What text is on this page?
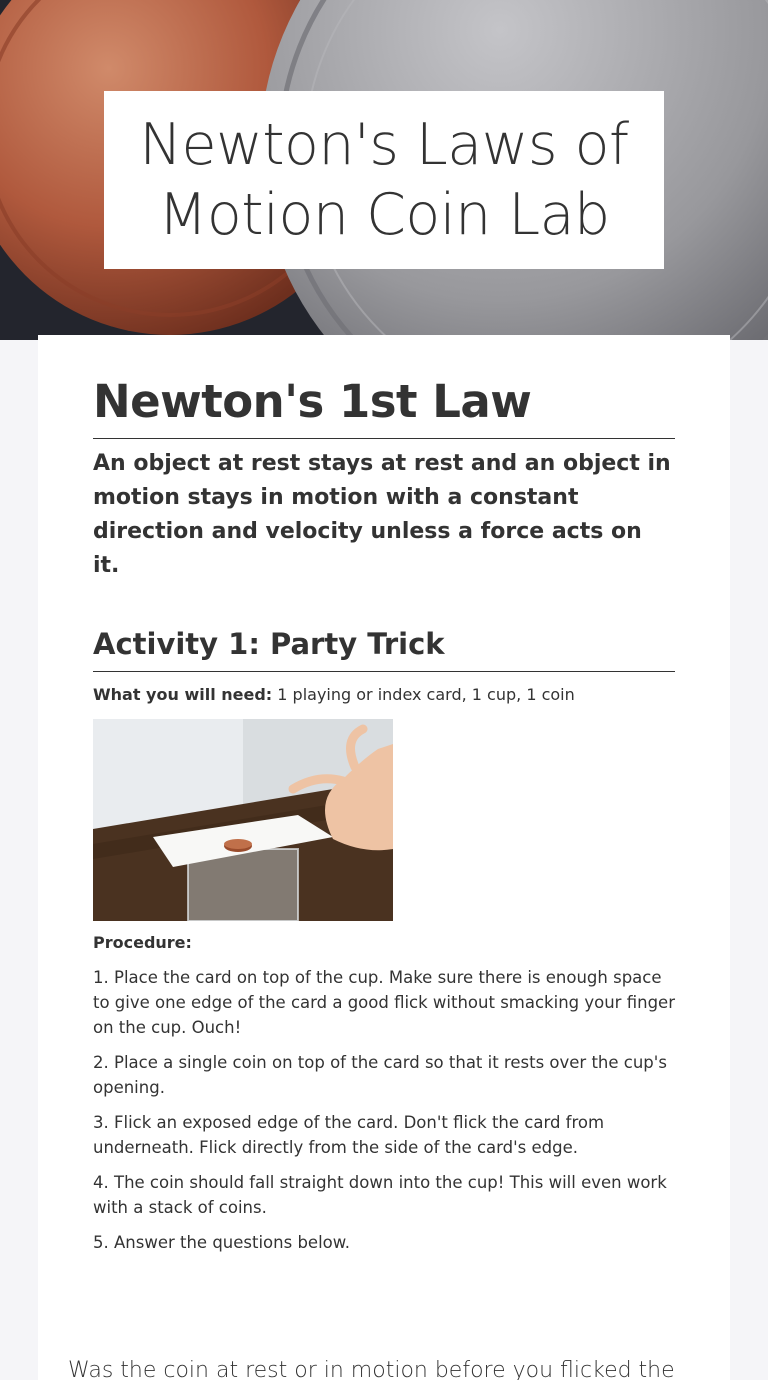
Newton's Laws of
Motion Coin Lab
Newton's 1st Law

An object at rest stays at rest and an object in motion stays in motion with a constant direction and velocity unless a force acts on it.

Activity 1: Party Trick

What you will need: 1 playing or index card, 1 cup, 1 coin

Procedure:

1. Place the card on top of the cup. Make sure there is enough space to give one edge of the card a good flick without smacking your finger on the cup. Ouch!

2. Place a single coin on top of the card so that it rests over the cup's opening.

3. Flick an exposed edge of the card. Don't flick the card from underneath. Flick directly from the side of the card's edge.

4. The coin should fall straight down into the cup! This will even work with a stack of coins.

5. Answer the questions below.

Was the coin at rest or in motion before you flicked the
